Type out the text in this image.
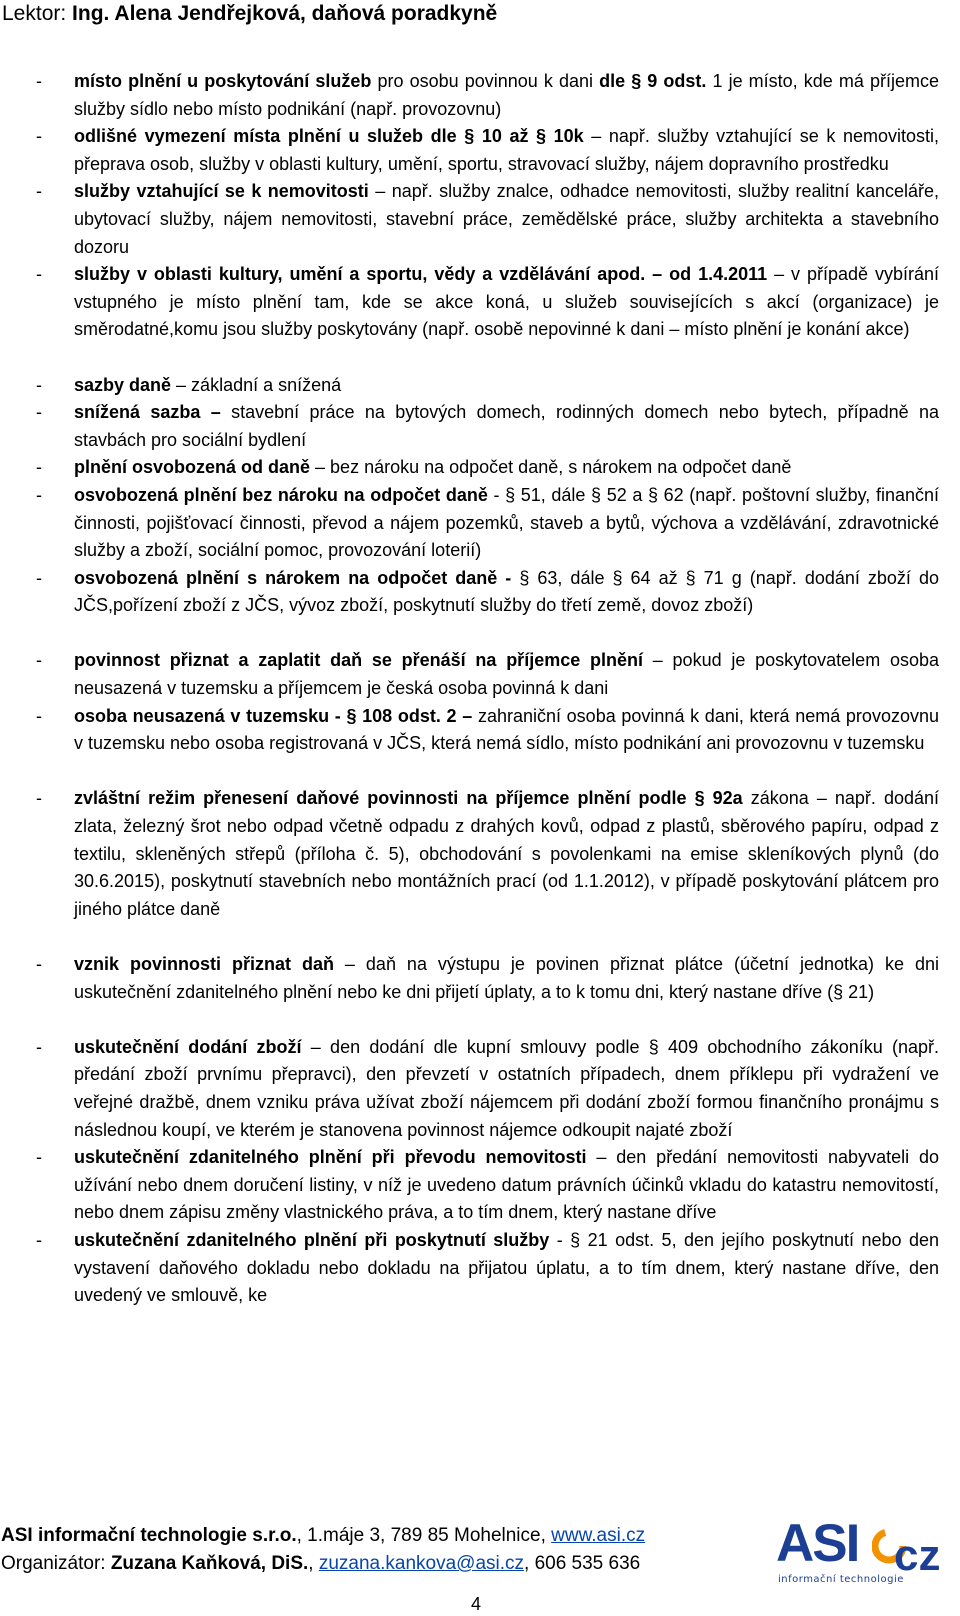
Lektor: Ing. Alena Jendřejková, daňová poradkyně
- místo plnění u poskytování služeb pro osobu povinnou k dani dle § 9 odst. 1 je místo, kde má příjemce služby sídlo nebo místo podnikání (např. provozovnu)
- odlišné vymezení místa plnění u služeb dle § 10 až § 10k – např. služby vztahující se k nemovitosti, přeprava osob, služby v oblasti kultury, umění, sportu, stravovací služby, nájem dopravního prostředku
- služby vztahující se k nemovitosti – např. služby znalce, odhadce nemovitosti, služby realitní kanceláře, ubytovací služby, nájem nemovitosti, stavební práce, zemědělské práce, služby architekta a stavebního dozoru
- služby v oblasti kultury, umění a sportu, vědy a vzdělávání apod. – od 1.4.2011 – v případě vybírání vstupného je místo plnění tam, kde se akce koná, u služeb souvisejících s akcí (organizace) je směrodatné,komu jsou služby poskytovány (např. osobě nepovinné k dani – místo plnění je konání akce)
- sazby daně – základní a snížená
- snížená sazba – stavební práce na bytových domech, rodinných domech nebo bytech, případně na stavbách pro sociální bydlení
- plnění osvobozená od daně – bez nároku na odpočet daně, s nárokem na odpočet daně
- osvobozená plnění bez nároku na odpočet daně - § 51, dále § 52 a § 62 (např. poštovní služby, finanční činnosti, pojišťovací činnosti, převod a nájem pozemků, staveb a bytů, výchova a vzdělávání, zdravotnické služby a zboží, sociální pomoc, provozování loterií)
- osvobozená plnění s nárokem na odpočet daně - § 63, dále § 64 až § 71 g (např. dodání zboží do JČS,pořízení zboží z JČS, vývoz zboží, poskytnutí služby do třetí země, dovoz zboží)
- povinnost přiznat a zaplatit daň se přenáší na příjemce plnění – pokud je poskytovatelem osoba neusazená v tuzemsku a příjemcem je česká osoba povinná k dani
- osoba neusazená v tuzemsku - § 108 odst. 2 – zahraniční osoba povinná k dani, která nemá provozovnu v tuzemsku nebo osoba registrovaná v JČS, která nemá sídlo, místo podnikání ani provozovnu v tuzemsku
- zvláštní režim přenesení daňové povinnosti na příjemce plnění podle § 92a zákona – např. dodání zlata, železný šrot nebo odpad včetně odpadu z drahých kovů, odpad z plastů, sběrového papíru, odpad z textilu, skleněných střepů (příloha č. 5), obchodování s povolenkami na emise skleníkových plynů (do 30.6.2015), poskytnutí stavebních nebo montážních prací (od 1.1.2012), v případě poskytování plátcem pro jiného plátce daně
- vznik povinnosti přiznat daň – daň na výstupu je povinen přiznat plátce (účetní jednotka) ke dni uskutečnění zdanitelného plnění nebo ke dni přijetí úplaty, a to k tomu dni, který nastane dříve (§ 21)
- uskutečnění dodání zboží – den dodání dle kupní smlouvy podle § 409 obchodního zákoníku (např. předání zboží prvnímu přepravci), den převzetí v ostatních případech, dnem příklepu při vydražení ve veřejné dražbě, dnem vzniku práva užívat zboží nájemcem při dodání zboží formou finančního pronájmu s následnou koupí, ve kterém je stanovena povinnost nájemce odkoupit najaté zboží
- uskutečnění zdanitelného plnění při převodu nemovitosti – den předání nemovitosti nabyvateli do užívání nebo dnem doručení listiny, v níž je uvedeno datum právních účinků vkladu do katastru nemovitostí, nebo dnem zápisu změny vlastnického práva, a to tím dnem, který nastane dříve
- uskutečnění zdanitelného plnění při poskytnutí služby - § 21 odst. 5, den jejího poskytnutí nebo den vystavení daňového dokladu nebo dokladu na přijatou úplatu, a to tím dnem, který nastane dříve, den uvedený ve smlouvě, ke
ASI informační technologie s.r.o., 1.máje 3, 789 85 Mohelnice, www.asi.cz
Organizátor: Zuzana Kaňková, DiS., zuzana.kankova@asi.cz, 606 535 636	ASI cz
informační technologie
4
